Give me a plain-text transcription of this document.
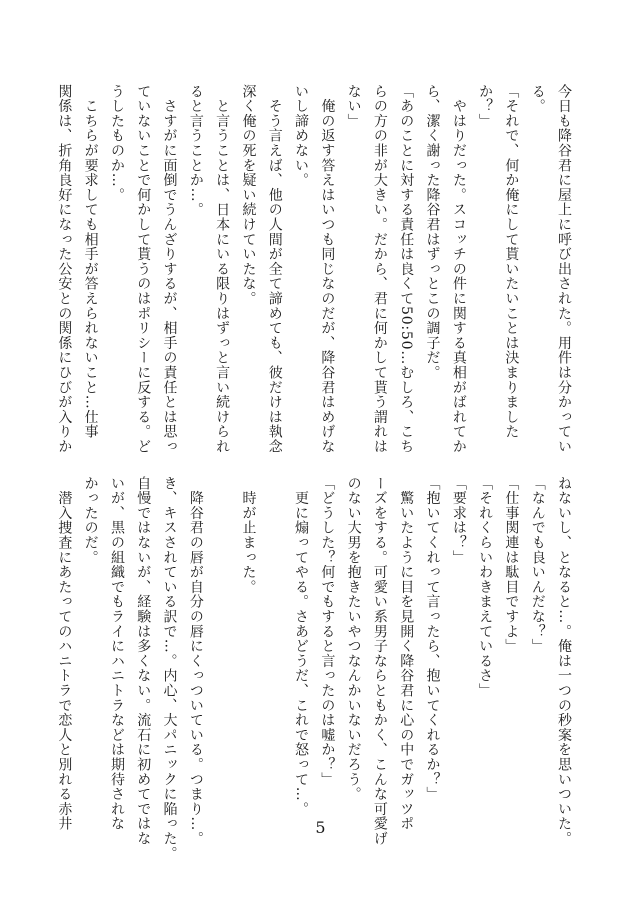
今日も降谷君に屋上に呼び出された。用件は分かってい
る。
「それで、何か俺にして貰いたいことは決まりました
か？」
　やはりだった。スコッチの件に関する真相がばれてか
ら、潔く謝った降谷君はずっとこの調子だ。
「あのことに対する責任は良くて50:50…むしろ、こち
らの方の非が大きい。だから、君に何かして貰う謂れは
ない」
　俺の返す答えはいつも同じなのだが、降谷君はめげな
いし諦めない。
　そう言えば、他の人間が全て諦めても、彼だけは執念
深く俺の死を疑い続けていたな。
　と言うことは、日本にいる限りはずっと言い続けられ
ると言うことか…。
　さすがに面倒でうんざりするが、相手の責任とは思っ
ていないことで何かして貰うのはポリシーに反する。ど
うしたものか…。
　こちらが要求しても相手が答えられないこと…仕事
関係は、折角良好になった公安との関係にひびが入りか
ねないし、となると…。俺は一つの秒案を思いついた。
「なんでも良いんだな？」
「仕事関連は駄目ですよ」
「それくらいわきまえているさ」
「要求は？」
「抱いてくれって言ったら、抱いてくれるか？」
　驚いたように目を見開く降谷君に心の中でガッツポ
ーズをする。可愛い系男子ならともかく、こんな可愛げ
のない大男を抱きたいやつなんかいないだろう。
「どうした？何でもすると言ったのは嘘か？」
　更に煽ってやる。さあどうだ、これで怒って…。

　時が止まった。

　降谷君の唇が自分の唇にくっついている。つまり…。
き、キスされている訳で…。内心、大パニックに陥った。
自慢ではないが、経験は多くない。流石に初めてではな
いが、黒の組織でもライにハニトラなどは期待されな
かったのだ。
　潜入捜査にあたってのハニトラで恋人と別れる赤井	5
